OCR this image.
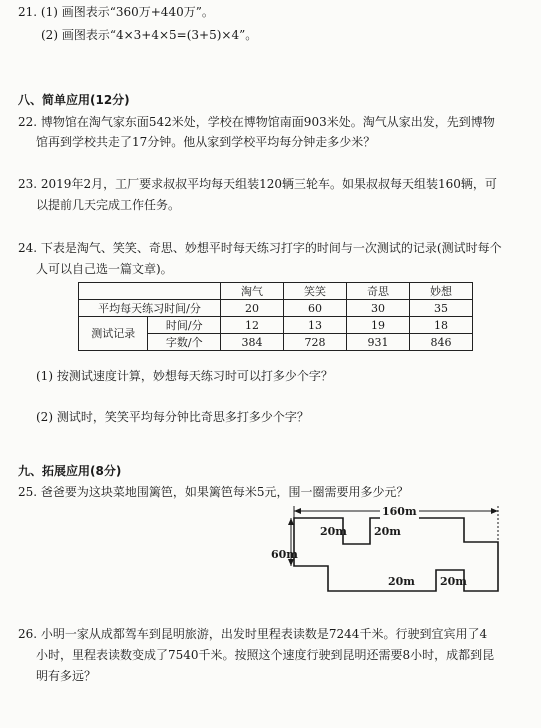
21. (1) 画图表示“360万+440万”。
(2) 画图表示“4×3+4×5=(3+5)×4”。
八、简单应用(12分)
22. 博物馆在淘气家东面542米处，学校在博物馆南面903米处。淘气从家出发，先到博物
馆再到学校共走了17分钟。他从家到学校平均每分钟走多少米？
23. 2019年2月，工厂要求叔叔平均每天组装120辆三轮车。如果叔叔每天组装160辆，可
以提前几天完成工作任务。
24. 下表是淘气、笑笑、奇思、妙想平时每天练习打字的时间与一次测试的记录(测试时每个
人可以自己选一篇文章)。
		淘气	笑笑	奇思	妙想
平均每天练习时间/分		20	60	30	35
测试记录	时间/分	12	13	19	18
	字数/个	384	728	931	846
(1) 按测试速度计算，妙想每天练习时可以打多少个字？
(2) 测试时，笑笑平均每分钟比奇思多打多少个字？
九、拓展应用(8分)
25. 爸爸要为这块菜地围篱笆，如果篱笆每米5元，围一圈需要用多少元？
160m
60m
20m 20m
20m 20m
26. 小明一家从成都驾车到昆明旅游，出发时里程表读数是7244千米。行驶到宜宾用了4
小时，里程表读数变成了7540千米。按照这个速度行驶到昆明还需要8小时，成都到昆
明有多远？
